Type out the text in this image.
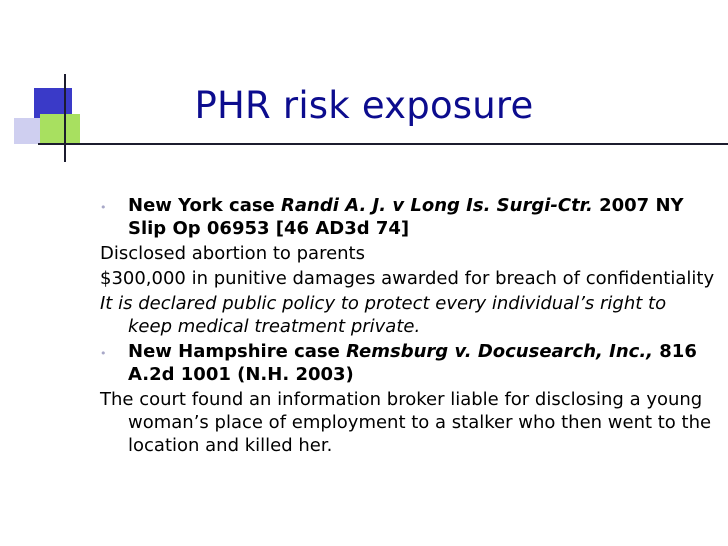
PHR risk exposure
• New York case Randi A. J. v Long Is. Surgi-Ctr. 2007 NY Slip Op 06953 [46 AD3d 74]
Disclosed abortion to parents
$300,000 in punitive damages awarded for breach of confidentiality
It is declared public policy to protect every individual’s right to keep medical treatment private.
• New Hampshire case Remsburg v. Docusearch, Inc., 816 A.2d 1001 (N.H. 2003)
The court found an information broker liable for disclosing a young woman’s place of employment to a stalker who then went to the location and killed her.
